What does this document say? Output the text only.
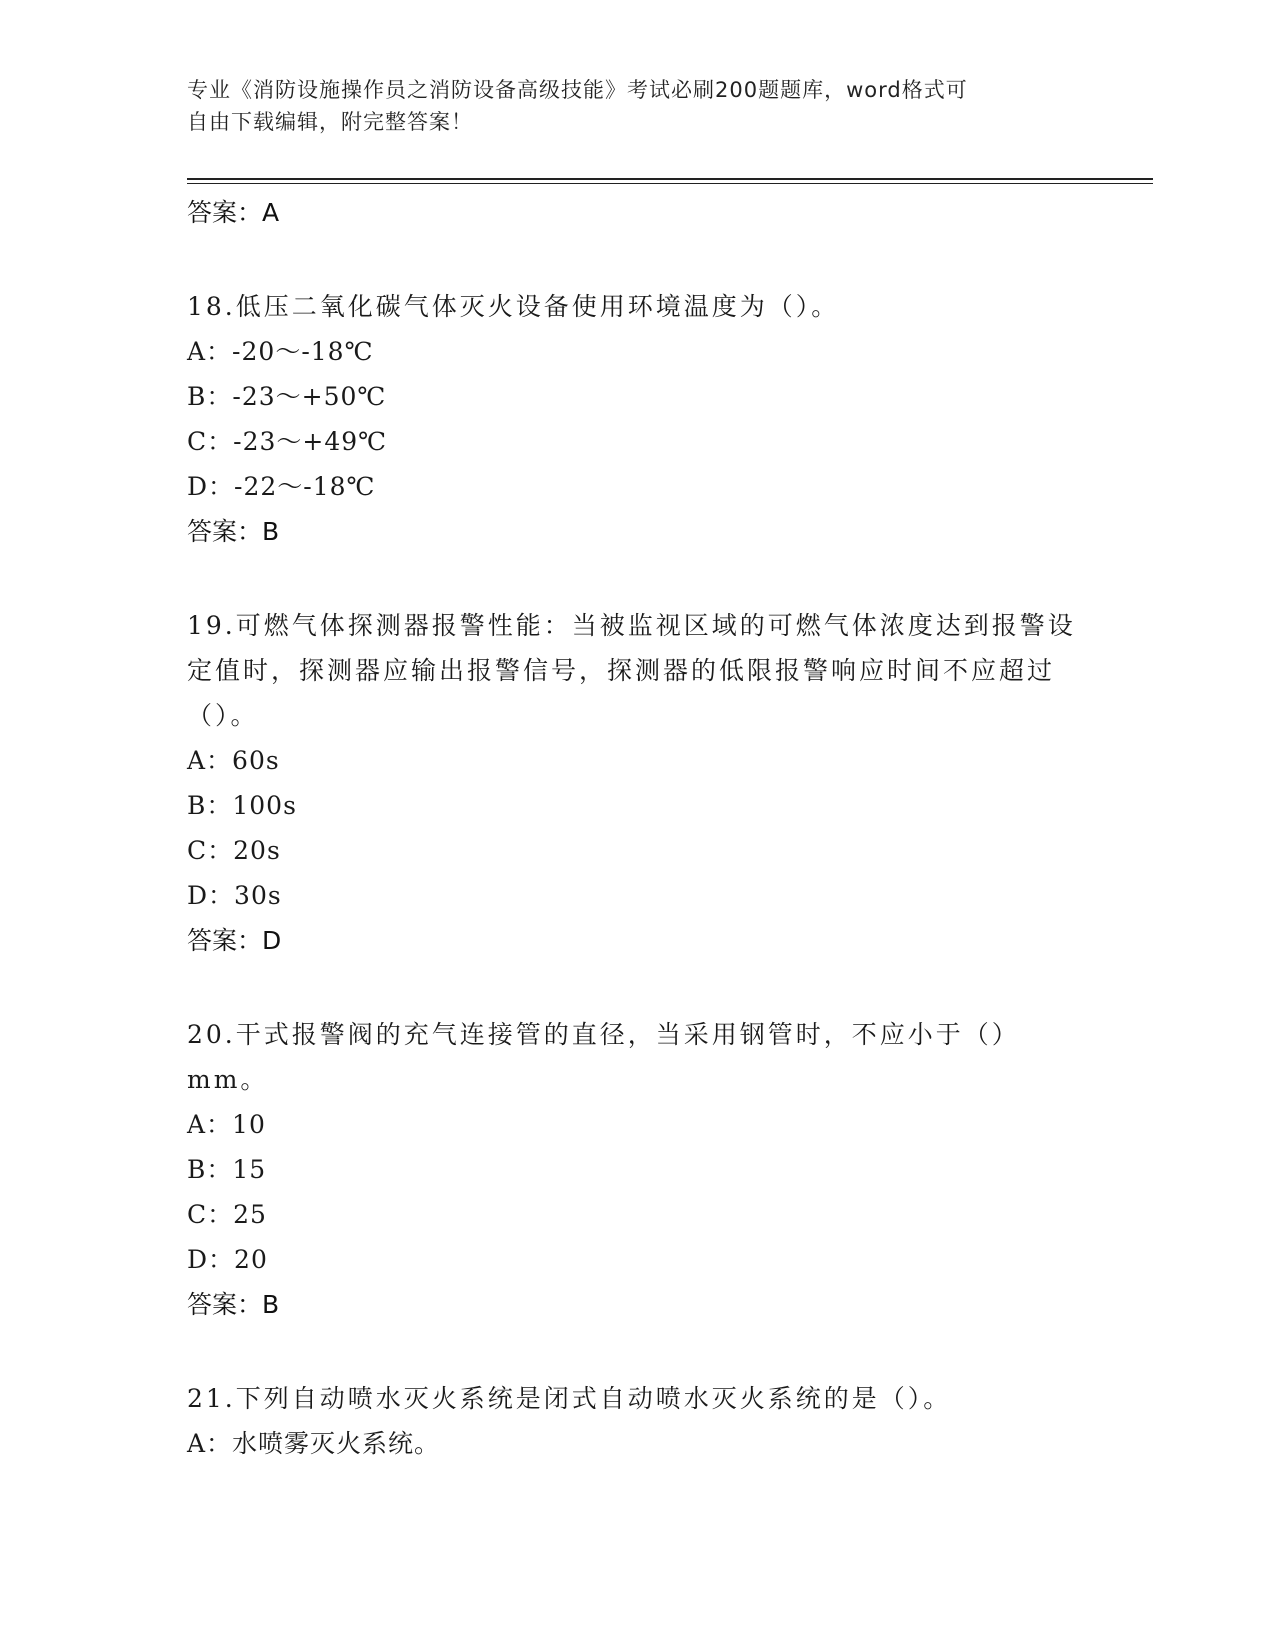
专业《消防设施操作员之消防设备高级技能》考试必刷200题题库，word格式可
自由下载编辑，附完整答案！
答案：A
18.低压二氧化碳气体灭火设备使用环境温度为（）。
A：-20～-18℃
B：-23～+50℃
C：-23～+49℃
D：-22～-18℃
答案：B
19.可燃气体探测器报警性能：当被监视区域的可燃气体浓度达到报警设定值时，探测器应输出报警信号，探测器的低限报警响应时间不应超过（）。
A：60s
B：100s
C：20s
D：30s
答案：D
20.干式报警阀的充气连接管的直径，当采用钢管时，不应小于（）mm。
A：10
B：15
C：25
D：20
答案：B
21.下列自动喷水灭火系统是闭式自动喷水灭火系统的是（）。
A：水喷雾灭火系统。
